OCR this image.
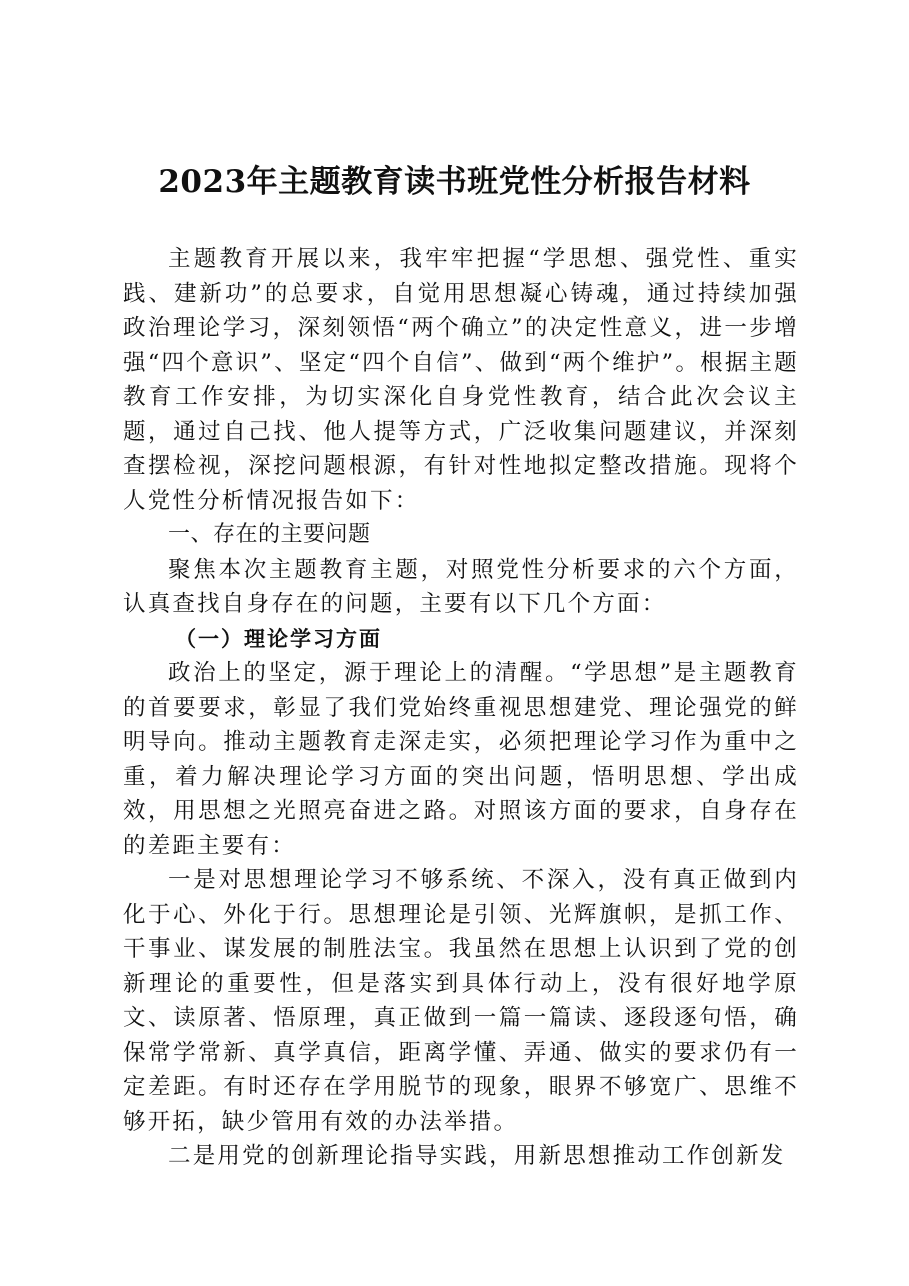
2023年主题教育读书班党性分析报告材料

主题教育开展以来，我牢牢把握“学思想、强党性、重实践、建新功”的总要求，自觉用思想凝心铸魂，通过持续加强政治理论学习，深刻领悟“两个确立”的决定性意义，进一步增强“四个意识”、坚定“四个自信”、做到“两个维护”。根据主题教育工作安排，为切实深化自身党性教育，结合此次会议主题，通过自己找、他人提等方式，广泛收集问题建议，并深刻查摆检视，深挖问题根源，有针对性地拟定整改措施。现将个人党性分析情况报告如下：

一、存在的主要问题

聚焦本次主题教育主题，对照党性分析要求的六个方面，认真查找自身存在的问题，主要有以下几个方面：

（一）理论学习方面

政治上的坚定，源于理论上的清醒。“学思想”是主题教育的首要要求，彰显了我们党始终重视思想建党、理论强党的鲜明导向。推动主题教育走深走实，必须把理论学习作为重中之重，着力解决理论学习方面的突出问题，悟明思想、学出成效，用思想之光照亮奋进之路。对照该方面的要求，自身存在的差距主要有：

一是对思想理论学习不够系统、不深入，没有真正做到内化于心、外化于行。思想理论是引领、光辉旗帜，是抓工作、干事业、谋发展的制胜法宝。我虽然在思想上认识到了党的创新理论的重要性，但是落实到具体行动上，没有很好地学原文、读原著、悟原理，真正做到一篇一篇读、逐段逐句悟，确保常学常新、真学真信，距离学懂、弄通、做实的要求仍有一定差距。有时还存在学用脱节的现象，眼界不够宽广、思维不够开拓，缺少管用有效的办法举措。

二是用党的创新理论指导实践，用新思想推动工作创新发
